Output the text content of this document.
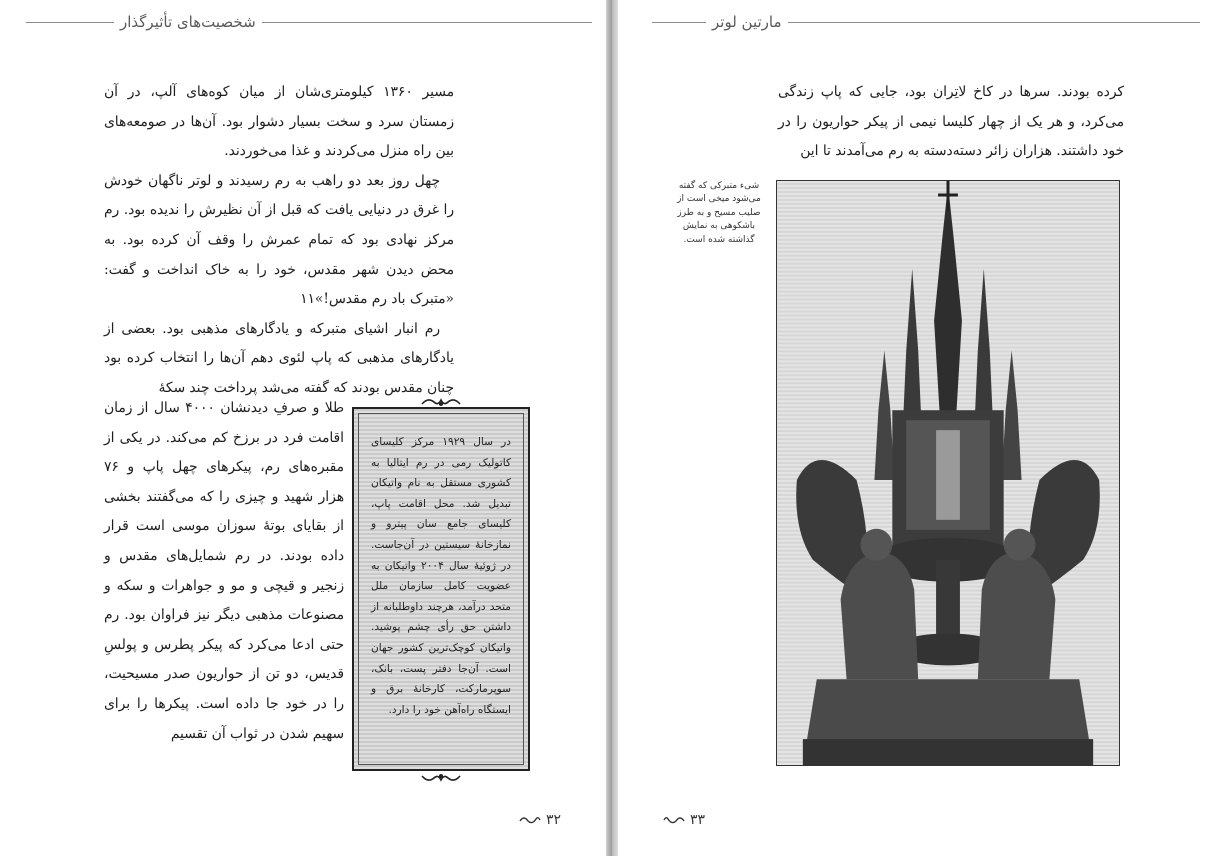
شخصیت‌های تأثیرگذار

مسیر ۱۳۶۰ کیلومتری‌شان از میان کوه‌های آلپ، در آن زمستان سرد و سخت بسیار دشوار بود. آن‌ها در صومعه‌های بین راه منزل می‌کردند و غذا می‌خوردند.

چهل روز بعد دو راهب به رم رسیدند و لوتر ناگهان خودش را غرق در دنیایی یافت که قبل از آن نظیرش را ندیده بود. رم مرکز نهادی بود که تمام عمرش را وقف آن کرده بود. به محض دیدن شهر مقدس، خود را به خاک انداخت و گفت: «متبرک باد رم مقدس!»۱۱

رم انبار اشیای متبرکه و یادگارهای مذهبی بود. بعضی از یادگارهای مذهبی که پاپ لئوی دهم آن‌ها را انتخاب کرده بود چنان مقدس بودند که گفته می‌شد پرداخت چند سکهٔ

طلا و صرفِ دیدنشان ۴۰۰۰ سال از زمان اقامت فرد در برزخ کم می‌کند. در یکی از مقبره‌های رم، پیکرهای چهل پاپ و ۷۶ هزار شهید و چیزی را که می‌گفتند بخشی از بقایای بوتهٔ سوزان موسی است قرار داده بودند. در رم شمایل‌های مقدس و زنجیر و قیچی و مو و جواهرات و سکه و مصنوعات مذهبی دیگر نیز فراوان بود. رم حتی ادعا می‌کرد که پیکر پطرس و پولسِ قدیس، دو تن از حواریون صدر مسیحیت، را در خود جا داده است. پیکرها را برای سهیم شدن در ثواب آن تقسیم

در سال ۱۹۲۹ مرکز کلیسای کاتولیک رمی در رم ایتالیا به کشوری مستقل به نام واتیکان تبدیل شد. محل اقامت پاپ، کلیسای جامع سان پیترو و نمازخانهٔ سیستین در آن‌جاست. در ژوئیهٔ سال ۲۰۰۴ واتیکان به عضویت کامل سازمان ملل متحد درآمد، هرچند داوطلبانه از داشتن حق رأی چشم پوشید. واتیکان کوچک‌ترین کشور جهان است. آن‌جا دفتر پست، بانک، سوپرمارکت، کارخانهٔ برق و ایستگاه راه‌آهن خود را دارد.
۳۲
مارتین لوتر

کرده بودند. سرها در کاخ لاتِران بود، جایی که پاپ زندگی می‌کرد، و هر یک از چهار کلیسا نیمی از پیکر حواریون را در خود داشتند. هزاران زائر دسته‌دسته به رم می‌آمدند تا این

شیء متبرکی که گفته می‌شود میخی است از صلیب مسیح و به طرز باشکوهی به نمایش گذاشته شده است.
۳۳
